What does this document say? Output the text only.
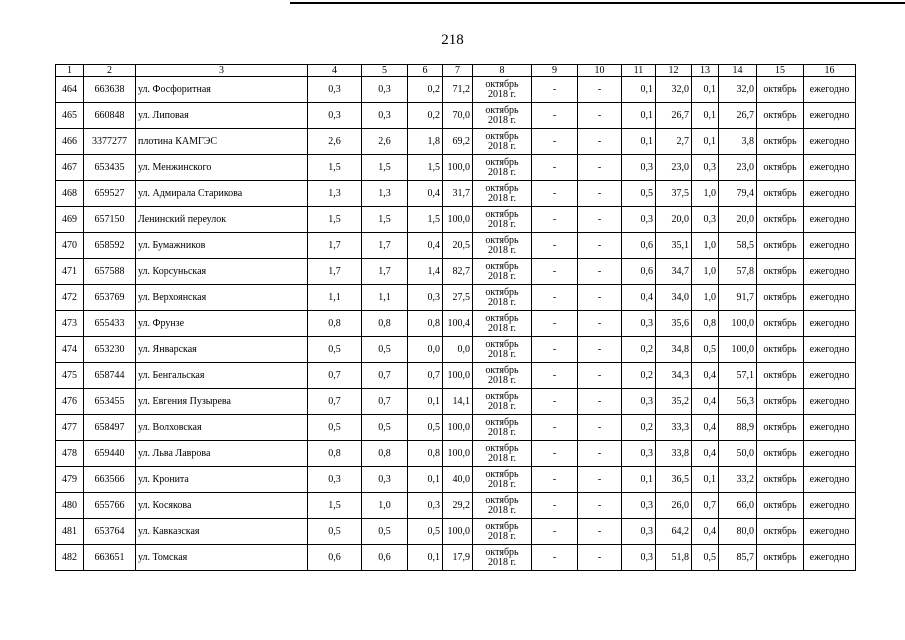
218
1	2	3	4	5	6	7	8	9	10	11	12	13	14	15	16
464	663638	ул. Фосфоритная	0,3	0,3	0,2	71,2	октябрь
2018 г.	-	-	0,1	32,0	0,1	32,0	октябрь	ежегодно
465	660848	ул. Липовая	0,3	0,3	0,2	70,0	октябрь
2018 г.	-	-	0,1	26,7	0,1	26,7	октябрь	ежегодно
466	3377277	плотина КАМГЭС	2,6	2,6	1,8	69,2	октябрь
2018 г.	-	-	0,1	2,7	0,1	3,8	октябрь	ежегодно
467	653435	ул. Менжинского	1,5	1,5	1,5	100,0	октябрь
2018 г.	-	-	0,3	23,0	0,3	23,0	октябрь	ежегодно
468	659527	ул. Адмирала Старикова	1,3	1,3	0,4	31,7	октябрь
2018 г.	-	-	0,5	37,5	1,0	79,4	октябрь	ежегодно
469	657150	Ленинский переулок	1,5	1,5	1,5	100,0	октябрь
2018 г.	-	-	0,3	20,0	0,3	20,0	октябрь	ежегодно
470	658592	ул. Бумажников	1,7	1,7	0,4	20,5	октябрь
2018 г.	-	-	0,6	35,1	1,0	58,5	октябрь	ежегодно
471	657588	ул. Корсуньская	1,7	1,7	1,4	82,7	октябрь
2018 г.	-	-	0,6	34,7	1,0	57,8	октябрь	ежегодно
472	653769	ул. Верхоянская	1,1	1,1	0,3	27,5	октябрь
2018 г.	-	-	0,4	34,0	1,0	91,7	октябрь	ежегодно
473	655433	ул. Фрунзе	0,8	0,8	0,8	100,4	октябрь
2018 г.	-	-	0,3	35,6	0,8	100,0	октябрь	ежегодно
474	653230	ул. Январская	0,5	0,5	0,0	0,0	октябрь
2018 г.	-	-	0,2	34,8	0,5	100,0	октябрь	ежегодно
475	658744	ул. Бенгальская	0,7	0,7	0,7	100,0	октябрь
2018 г.	-	-	0,2	34,3	0,4	57,1	октябрь	ежегодно
476	653455	ул. Евгения Пузырева	0,7	0,7	0,1	14,1	октябрь
2018 г.	-	-	0,3	35,2	0,4	56,3	октябрь	ежегодно
477	658497	ул. Волховская	0,5	0,5	0,5	100,0	октябрь
2018 г.	-	-	0,2	33,3	0,4	88,9	октябрь	ежегодно
478	659440	ул. Льва Лаврова	0,8	0,8	0,8	100,0	октябрь
2018 г.	-	-	0,3	33,8	0,4	50,0	октябрь	ежегодно
479	663566	ул. Кронита	0,3	0,3	0,1	40,0	октябрь
2018 г.	-	-	0,1	36,5	0,1	33,2	октябрь	ежегодно
480	655766	ул. Косякова	1,5	1,0	0,3	29,2	октябрь
2018 г.	-	-	0,3	26,0	0,7	66,0	октябрь	ежегодно
481	653764	ул. Кавказская	0,5	0,5	0,5	100,0	октябрь
2018 г.	-	-	0,3	64,2	0,4	80,0	октябрь	ежегодно
482	663651	ул. Томская	0,6	0,6	0,1	17,9	октябрь
2018 г.	-	-	0,3	51,8	0,5	85,7	октябрь	ежегодно
